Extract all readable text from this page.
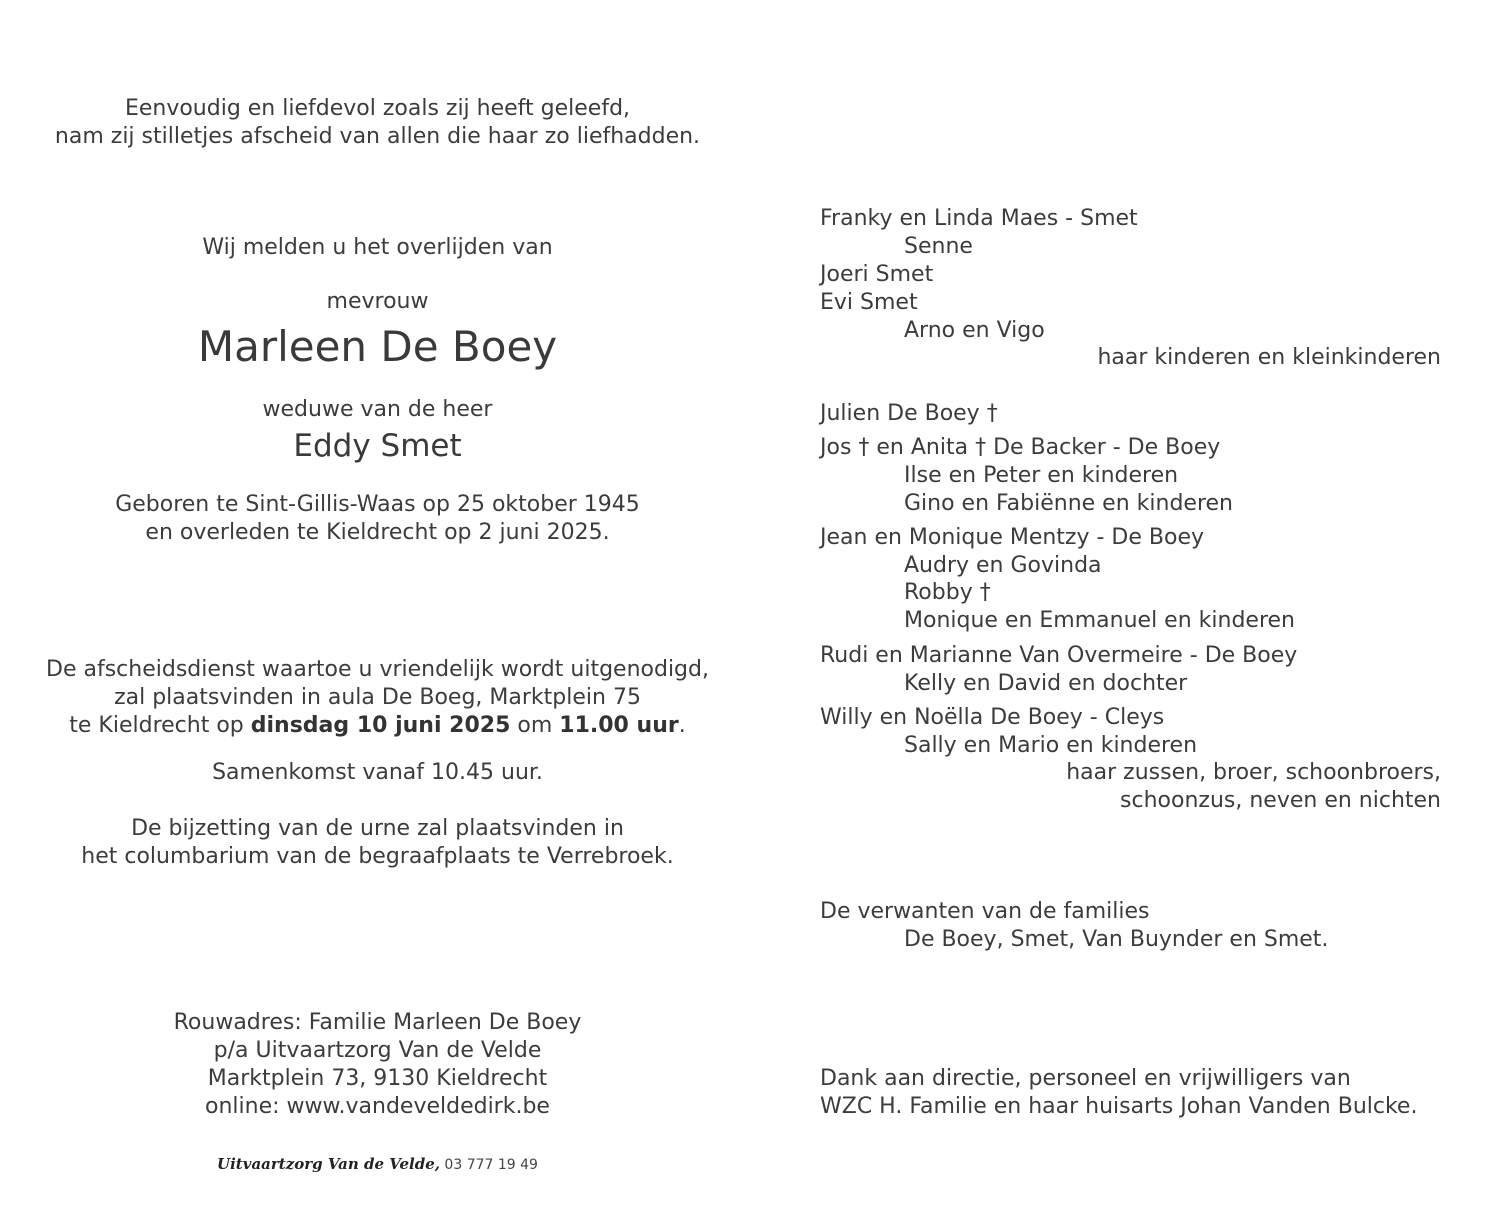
Eenvoudig en liefdevol zoals zij heeft geleefd,
nam zij stilletjes afscheid van allen die haar zo liefhadden.
Wij melden u het overlijden van
mevrouw
Marleen De Boey
weduwe van de heer
Eddy Smet
Geboren te Sint-Gillis-Waas op 25 oktober 1945
en overleden te Kieldrecht op 2 juni 2025.
De afscheidsdienst waartoe u vriendelijk wordt uitgenodigd,
zal plaatsvinden in aula De Boeg, Marktplein 75
te Kieldrecht op dinsdag 10 juni 2025 om 11.00 uur.
Samenkomst vanaf 10.45 uur.
De bijzetting van de urne zal plaatsvinden in
het columbarium van de begraafplaats te Verrebroek.
Rouwadres: Familie Marleen De Boey
p/a Uitvaartzorg Van de Velde
Marktplein 73, 9130 Kieldrecht
online: www.vandeveldedirk.be
Uitvaartzorg Van de Velde, 03 777 19 49
Franky en Linda Maes - Smet
Senne
Joeri Smet
Evi Smet
Arno en Vigo
haar kinderen en kleinkinderen
Julien De Boey †
Jos † en Anita † De Backer - De Boey
Ilse en Peter en kinderen
Gino en Fabiënne en kinderen
Jean en Monique Mentzy - De Boey
Audry en Govinda
Robby †
Monique en Emmanuel en kinderen
Rudi en Marianne Van Overmeire - De Boey
Kelly en David en dochter
Willy en Noëlla De Boey - Cleys
Sally en Mario en kinderen
haar zussen, broer, schoonbroers,
schoonzus, neven en nichten
De verwanten van de families
De Boey, Smet, Van Buynder en Smet.
Dank aan directie, personeel en vrijwilligers van
WZC H. Familie en haar huisarts Johan Vanden Bulcke.
